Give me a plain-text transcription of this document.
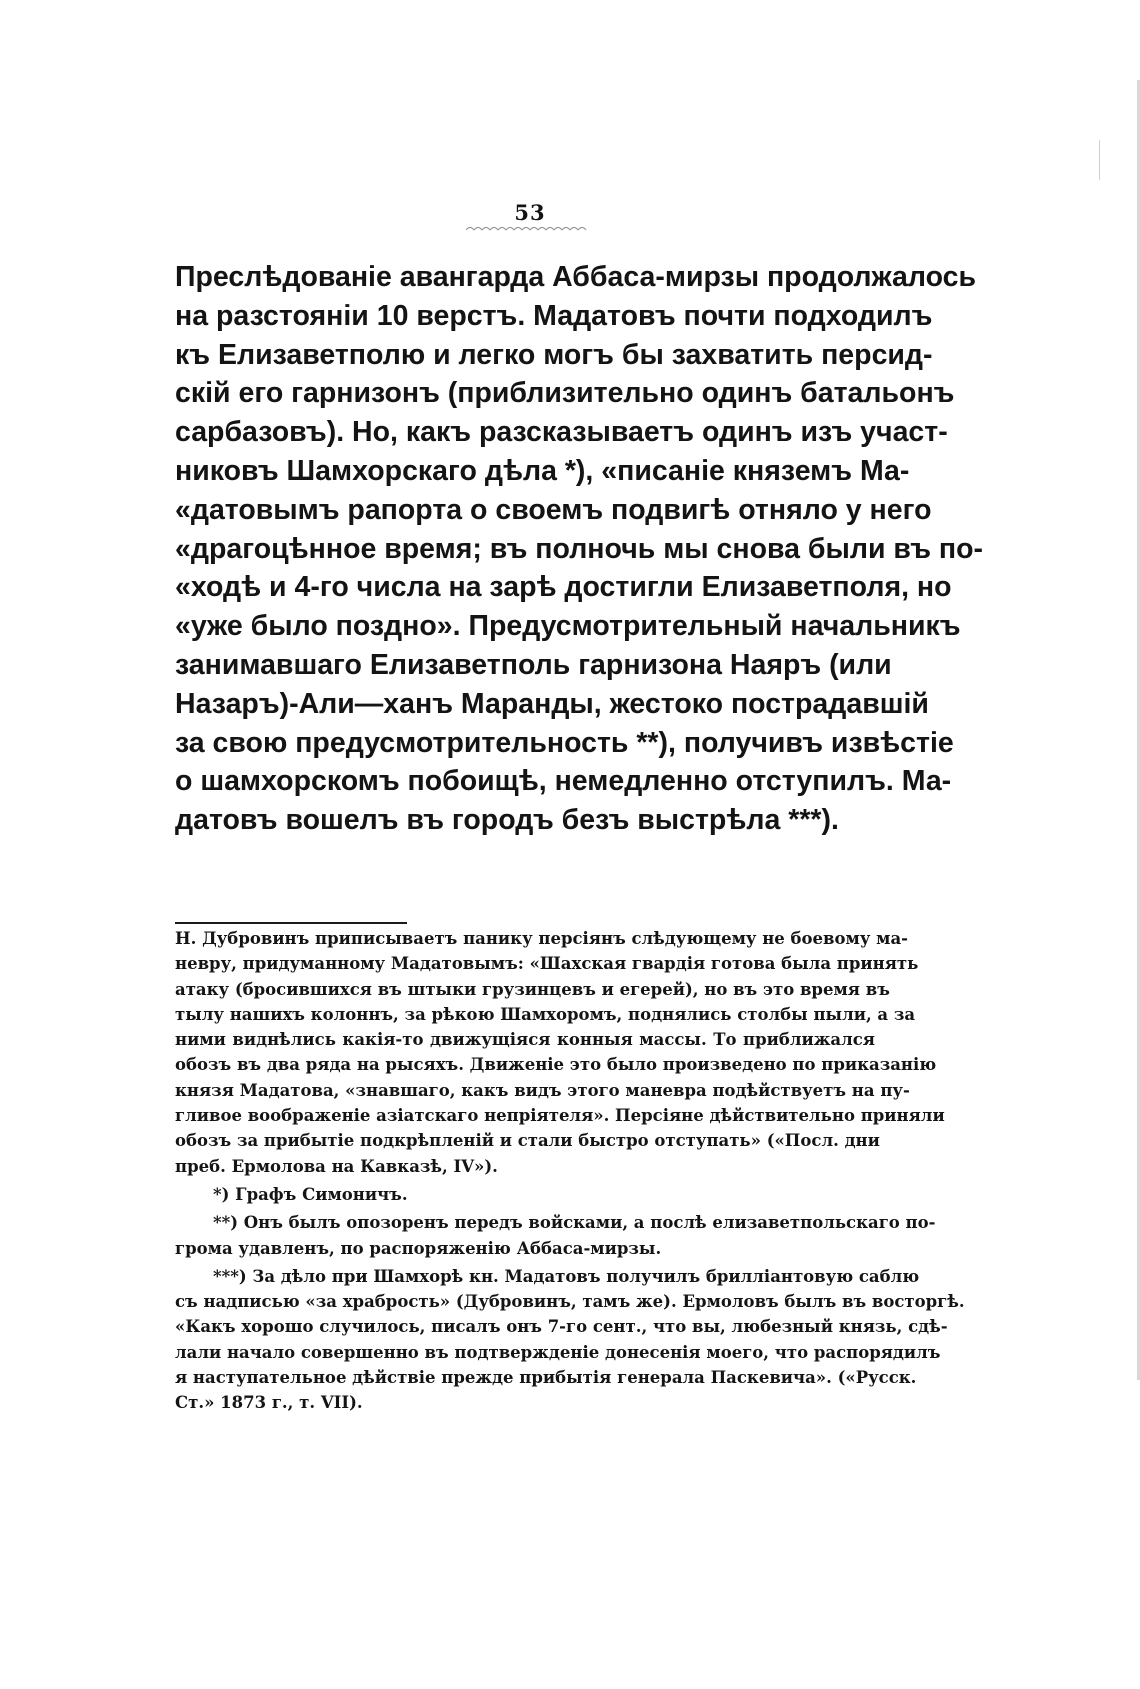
53
Преслѣдованіе авангарда Аббаса-мирзы продолжалось
на разстояніи 10 верстъ. Мадатовъ почти подходилъ
къ Елизаветполю и легко могъ бы захватить персид-
скій его гарнизонъ (приблизительно одинъ батальонъ
сарбазовъ). Но, какъ разсказываетъ одинъ изъ участ-
никовъ Шамхорскаго дѣла *), «писаніе княземъ Ма-
«датовымъ рапорта о своемъ подвигѣ отняло у него
«драгоцѣнное время; въ полночь мы снова были въ по-
«ходѣ и 4-го числа на зарѣ достигли Елизаветполя, но
«уже было поздно». Предусмотрительный начальникъ
занимавшаго Елизаветполь гарнизона Наяръ (или
Назаръ)-Али—ханъ Маранды, жестоко пострадавшій
за свою предусмотрительность **), получивъ извѣстіе
о шамхорскомъ побоищѣ, немедленно отступилъ. Ма-
датовъ вошелъ въ городъ безъ выстрѣла ***).
Н. Дубровинъ приписываетъ панику персіянъ слѣдующему не боевому ма-
невру, придуманному Мадатовымъ: «Шахская гвардія готова была принять
атаку (бросившихся въ штыки грузинцевъ и егерей), но въ это время въ
тылу нашихъ колоннъ, за рѣкою Шамхоромъ, поднялись столбы пыли, а за
ними виднѣлись какія-то движущіяся конныя массы. То приближался
обозъ въ два ряда на рысяхъ. Движеніе это было произведено по приказанію
князя Мадатова, «знавшаго, какъ видъ этого маневра подѣйствуетъ на пу-
гливое воображеніе азіатскаго непріятеля». Персіяне дѣйствительно приняли
обозъ за прибытіе подкрѣпленій и стали быстро отступать» («Посл. дни
преб. Ермолова на Кавказѣ, IV»).
*) Графъ Симоничъ.
**) Онъ былъ опозоренъ передъ войсками, а послѣ елизаветпольскаго по-
грома удавленъ, по распоряженію Аббаса-мирзы.
***) За дѣло при Шамхорѣ кн. Мадатовъ получилъ бриллiантовую саблю
съ надписью «за храбрость» (Дубровинъ, тамъ же). Ермоловъ былъ въ восторгѣ.
«Какъ хорошо случилось, писалъ онъ 7-го сент., что вы, любезный князь, сдѣ-
лали начало совершенно въ подтвержденіе донесенія моего, что распорядилъ
я наступательное дѣйствіе прежде прибытія генерала Паскевича». («Русск.
Ст.» 1873 г., т. VII).
